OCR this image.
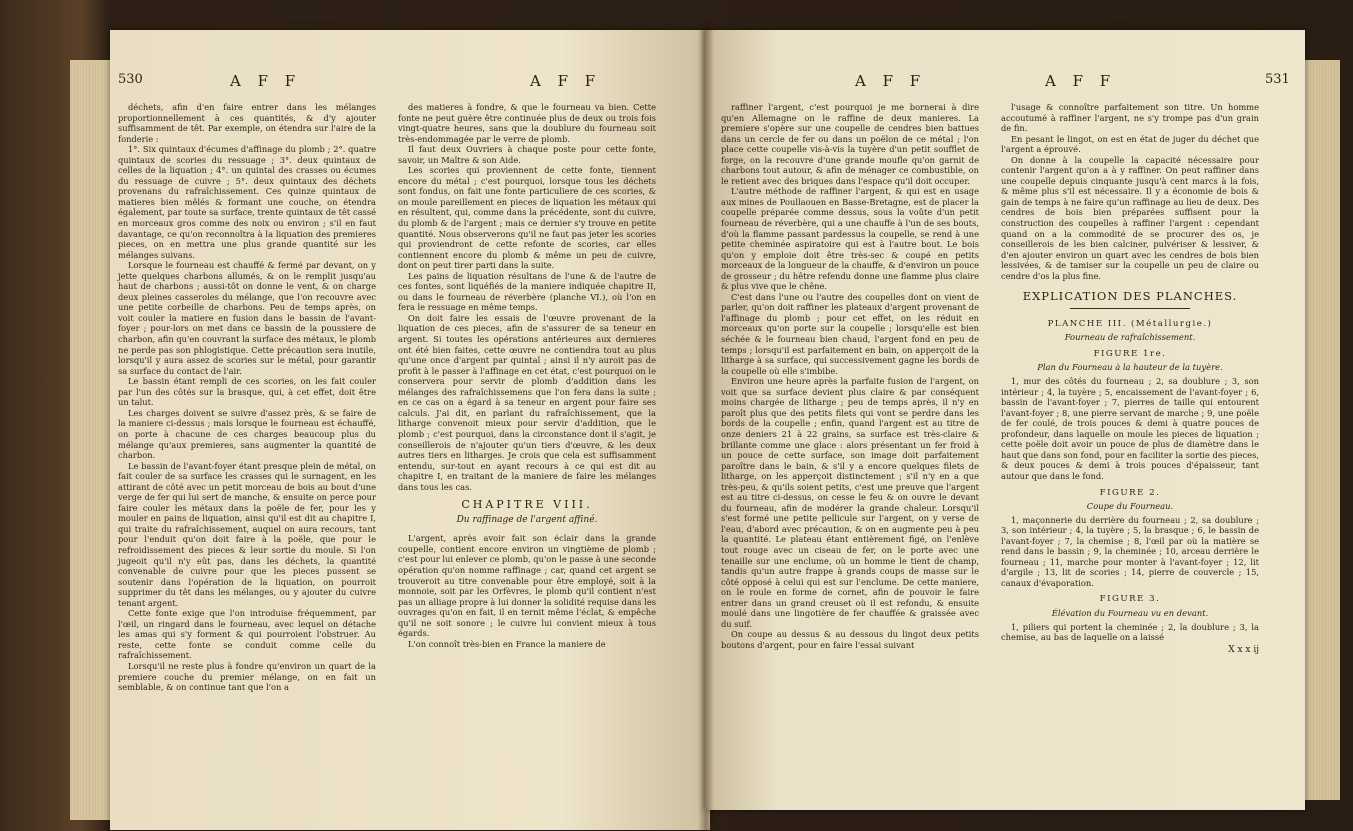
530	A F F	A F F

déchets, afin d'en faire entrer dans les mélanges proportionnellement à ces quantités, & d'y ajouter suffisamment de têt. Par exemple, on étendra sur l'aire de la fonderie :

1°. Six quintaux d'écumes d'affinage du plomb ; 2°. quatre quintaux de scories du ressuage ; 3°. deux quintaux de celles de la liquation ; 4°. un quintal des crasses ou écumes du ressuage de cuivre ; 5°. deux quintaux des déchets provenans du rafraîchissement. Ces quinze quintaux de matieres bien mêlés & formant une couche, on étendra également, par toute sa surface, trente quintaux de têt cassé en morceaux gros comme des noix ou environ ; s'il en faut davantage, ce qu'on reconnoîtra à la liquation des premieres pieces, on en mettra une plus grande quantité sur les mélanges suivans.

Lorsque le fourneau est chauffé & fermé par devant, on y jette quelques charbons allumés, & on le remplit jusqu'au haut de charbons ; aussi-tôt on donne le vent, & on charge deux pleines casseroles du mélange, que l'on recouvre avec une petite corbeille de charbons. Peu de temps après, on voit couler la matiere en fusion dans le bassin de l'avant-foyer ; pour-lors on met dans ce bassin de la poussiere de charbon, afin qu'en couvrant la surface des métaux, le plomb ne perde pas son phlogistique. Cette précaution sera inutile, lorsqu'il y aura assez de scories sur le métal, pour garantir sa surface du contact de l'air.

Le bassin étant rempli de ces scories, on les fait couler par l'un des côtés sur la brasque, qui, à cet effet, doit être un talut.

Les charges doivent se suivre d'assez près, & se faire de la maniere ci-dessus ; mais lorsque le fourneau est échauffé, on porte à chacune de ces charges beaucoup plus du mélange qu'aux premieres, sans augmenter la quantité de charbon.

Le bassin de l'avant-foyer étant presque plein de métal, on fait couler de sa surface les crasses qui le surnagent, en les attirant de côté avec un petit morceau de bois au bout d'une verge de fer qui lui sert de manche, & ensuite on perce pour faire couler les métaux dans la poële de fer, pour les y mouler en pains de liquation, ainsi qu'il est dit au chapitre I, qui traite du rafraîchissement, auquel on aura recours, tant pour l'enduit qu'on doit faire à la poële, que pour le refroidissement des pieces & leur sortie du moule. Si l'on jugeoit qu'il n'y eût pas, dans les déchets, la quantité convenable de cuivre pour que les pieces pussent se soutenir dans l'opération de la liquation, on pourroit supprimer du têt dans les mélanges, ou y ajouter du cuivre tenant argent.

Cette fonte exige que l'on introduise fréquemment, par l'œil, un ringard dans le fourneau, avec lequel on détache les amas qui s'y forment & qui pourroient l'obstruer. Au reste, cette fonte se conduit comme celle du rafraîchissement.

Lorsqu'il ne reste plus à fondre qu'environ un quart de la premiere couche du premier mélange, on en fait un semblable, & on continue tant que l'on a

des matieres à fondre, & que le fourneau va bien. Cette fonte ne peut guère être continuée plus de deux ou trois fois vingt-quatre heures, sans que la doublure du fourneau soit très-endommagée par le verre de plomb.

Il faut deux Ouvriers à chaque poste pour cette fonte, savoir, un Maître & son Aide.

Les scories qui proviennent de cette fonte, tiennent encore du métal ; c'est pourquoi, lorsque tous les déchets sont fondus, on fait une fonte particuliere de ces scories, & on moule pareillement en pieces de liquation les métaux qui en résultent, qui, comme dans la précédente, sont du cuivre, du plomb & de l'argent ; mais ce dernier s'y trouve en petite quantité. Nous observerons qu'il ne faut pas jeter les scories qui proviendront de cette refonte de scories, car elles contiennent encore du plomb & même un peu de cuivre, dont on peut tirer parti dans la suite.

Les pains de liquation résultans de l'une & de l'autre de ces fontes, sont liquéfiés de la maniere indiquée chapitre II, ou dans le fourneau de réverbère (planche VI.), où l'on en fera le ressuage en même temps.

On doit faire les essais de l'œuvre provenant de la liquation de ces pieces, afin de s'assurer de sa teneur en argent. Si toutes les opérations antérieures aux dernieres ont été bien faites, cette œuvre ne contiendra tout au plus qu'une once d'argent par quintal ; ainsi il n'y auroit pas de profit à le passer à l'affinage en cet état, c'est pourquoi on le conservera pour servir de plomb d'addition dans les mélanges des rafraîchissemens que l'on fera dans la suite ; en ce cas on a égard à sa teneur en argent pour faire ses calculs. J'ai dit, en parlant du rafraîchissement, que la litharge convenoit mieux pour servir d'addition, que le plomb ; c'est pourquoi, dans la circonstance dont il s'agit, je conseillerois de n'ajouter qu'un tiers d'œuvre, & les deux autres tiers en litharges. Je crois que cela est suffisamment entendu, sur-tout en ayant recours à ce qui est dit au chapitre I, en traitant de la maniere de faire les mélanges dans tous les cas.

CHAPITRE VIII.
Du raffinage de l'argent affiné.

L'argent, après avoir fait son éclair dans la grande coupelle, contient encore environ un vingtième de plomb ; c'est pour lui enlever ce plomb, qu'on le passe à une seconde opération qu'on nomme raffinage ; car, quand cet argent se trouveroit au titre convenable pour être employé, soit à la monnoie, soit par les Orfèvres, le plomb qu'il contient n'est pas un alliage propre à lui donner la solidité requise dans les ouvrages qu'on en fait, il en ternit même l'éclat, & empêche qu'il ne soit sonore ; le cuivre lui convient mieux à tous égards.

L'on connoît très-bien en France la maniere de

A F F	A F F	531

raffiner l'argent, c'est pourquoi je me bornerai à dire qu'en Allemagne on le raffine de deux manieres. La premiere s'opère sur une coupelle de cendres bien battues dans un cercle de fer ou dans un poëlon de ce métal ; l'on place cette coupelle vis-à-vis la tuyère d'un petit soufflet de forge, on la recouvre d'une grande moufle qu'on garnit de charbons tout autour, & afin de ménager ce combustible, on le retient avec des briques dans l'espace qu'il doit occuper.

L'autre méthode de raffiner l'argent, & qui est en usage aux mines de Poullaouen en Basse-Bretagne, est de placer la coupelle préparée comme dessus, sous la voûte d'un petit fourneau de réverbère, qui a une chauffe à l'un de ses bouts, d'où la flamme passant pardessus la coupelle, se rend à une petite cheminée aspiratoire qui est à l'autre bout. Le bois qu'on y emploie doit être très-sec & coupé en petits morceaux de la longueur de la chauffe, & d'environ un pouce de grosseur ; du hêtre refendu donne une flamme plus claire & plus vive que le chêne.

C'est dans l'une ou l'autre des coupelles dont on vient de parler, qu'on doit raffiner les plateaux d'argent provenant de l'affinage du plomb ; pour cet effet, on les réduit en morceaux qu'on porte sur la coupelle ; lorsqu'elle est bien séchée & le fourneau bien chaud, l'argent fond en peu de temps ; lorsqu'il est parfaitement en bain, on apperçoit de la litharge à sa surface, qui successivement gagne les bords de la coupelle où elle s'imbibe.

Environ une heure après la parfaite fusion de l'argent, on voit que sa surface devient plus claire & par conséquent moins chargée de litharge ; peu de temps après, il n'y en paroît plus que des petits filets qui vont se perdre dans les bords de la coupelle ; enfin, quand l'argent est au titre de onze deniers 21 à 22 grains, sa surface est très-claire & brillante comme une glace : alors présentant un fer froid à un pouce de cette surface, son image doit parfaitement paroître dans le bain, & s'il y a encore quelques filets de litharge, on les apperçoit distinctement ; s'il n'y en a que très-peu, & qu'ils soient petits, c'est une preuve que l'argent est au titre ci-dessus, on cesse le feu & on ouvre le devant du fourneau, afin de modérer la grande chaleur. Lorsqu'il s'est formé une petite pellicule sur l'argent, on y verse de l'eau, d'abord avec précaution, & on en augmente peu à peu la quantité. Le plateau étant entièrement figé, on l'enlève tout rouge avec un ciseau de fer, on le porte avec une tenaille sur une enclume, où un homme le tient de champ, tandis qu'un autre frappe à grands coups de masse sur le côté opposé à celui qui est sur l'enclume. De cette maniere, on le roule en forme de cornet, afin de pouvoir le faire entrer dans un grand creuset où il est refondu, & ensuite moulé dans une lingotière de fer chauffée & graissée avec du suif.

On coupe au dessus & au dessous du lingot deux petits boutons d'argent, pour en faire l'essai suivant

l'usage & connoître parfaitement son titre. Un homme accoutumé à raffiner l'argent, ne s'y trompe pas d'un grain de fin.

En pesant le lingot, on est en état de juger du déchet que l'argent a éprouvé.

On donne à la coupelle la capacité nécessaire pour contenir l'argent qu'on a à y raffiner. On peut raffiner dans une coupelle depuis cinquante jusqu'à cent marcs à la fois, & même plus s'il est nécessaire. Il y a économie de bois & gain de temps à ne faire qu'un raffinage au lieu de deux. Des cendres de bois bien préparées suffisent pour la construction des coupelles à raffiner l'argent : cependant quand on a la commodité de se procurer des os, je conseillerois de les bien calciner, pulvériser & lessiver, & d'en ajouter environ un quart avec les cendres de bois bien lessivées, & de tamiser sur la coupelle un peu de claire ou cendre d'os la plus fine.

EXPLICATION DES PLANCHES.
PLANCHE III. (Métallurgie.)
Fourneau de rafraîchissement.
FIGURE 1re.
Plan du Fourneau à la hauteur de la tuyère.

1, mur des côtés du fourneau ; 2, sa doublure ; 3, son intérieur ; 4, la tuyère ; 5, encaissement de l'avant-foyer ; 6, bassin de l'avant-foyer ; 7, pierres de taille qui entourent l'avant-foyer ; 8, une pierre servant de marche ; 9, une poële de fer coulé, de trois pouces & demi à quatre pouces de profondeur, dans laquelle on moule les pieces de liquation ; cette poële doit avoir un pouce de plus de diamètre dans le haut que dans son fond, pour en faciliter la sortie des pieces, & deux pouces & demi à trois pouces d'épaisseur, tant autour que dans le fond.

FIGURE 2.
Coupe du Fourneau.

1, maçonnerie du derrière du fourneau ; 2, sa doublure ; 3, son intérieur ; 4, la tuyère ; 5, la brasque ; 6, le bassin de l'avant-foyer ; 7, la chemise ; 8, l'œil par où la matière se rend dans le bassin ; 9, la cheminée ; 10, arceau derrière le fourneau ; 11, marche pour monter à l'avant-foyer ; 12, lit d'argile ; 13, lit de scories ; 14, pierre de couvercle ; 15, canaux d'évaporation.

FIGURE 3.
Élévation du Fourneau vu en devant.

1, piliers qui portent la cheminée ; 2, la doublure ; 3, la chemise, au bas de laquelle on a laissé

X x x ij
